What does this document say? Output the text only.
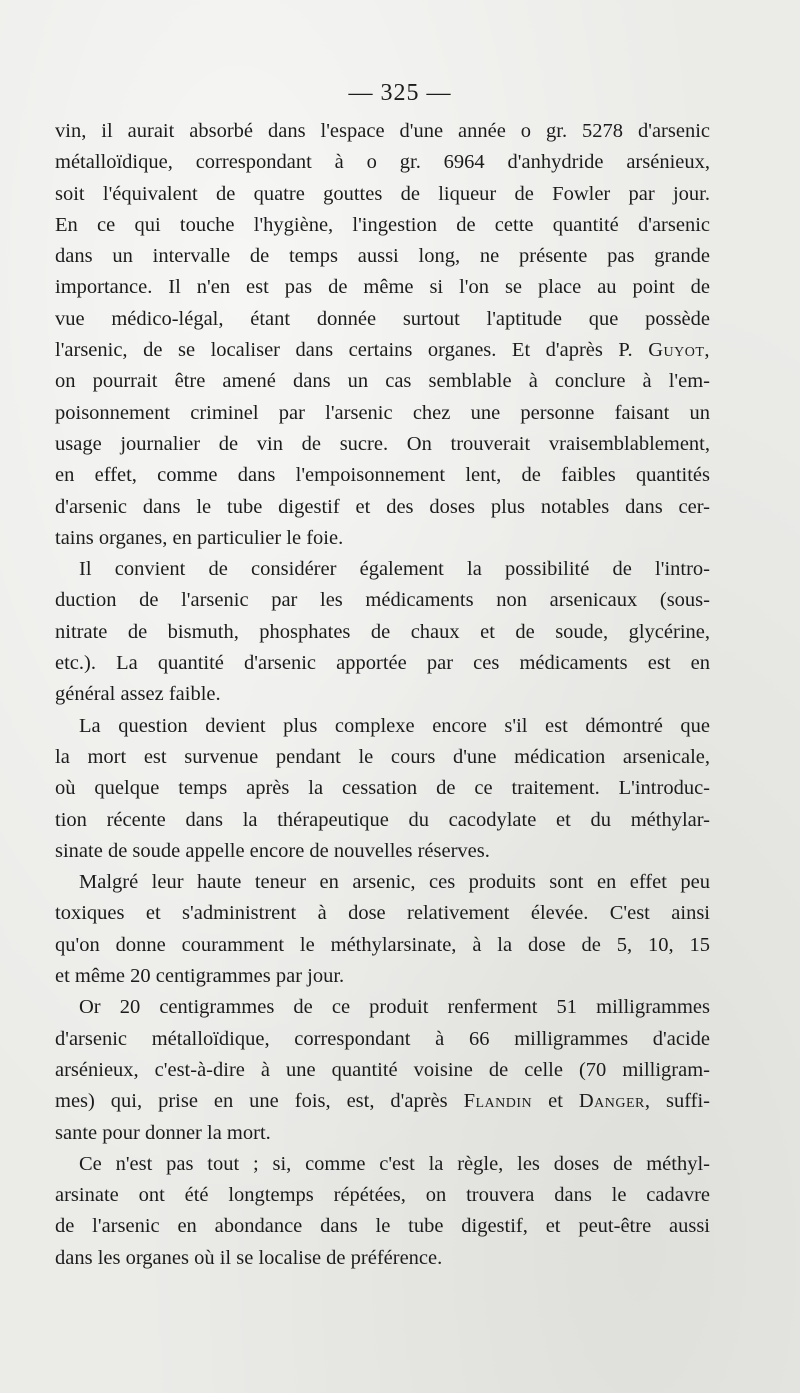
— 325 —
vin, il aurait absorbé dans l'espace d'une année o gr. 5278 d'arsenic
métalloïdique, correspondant à o gr. 6964 d'anhydride arsénieux,
soit l'équivalent de quatre gouttes de liqueur de Fowler par jour.
En ce qui touche l'hygiène, l'ingestion de cette quantité d'arsenic
dans un intervalle de temps aussi long, ne présente pas grande
importance. Il n'en est pas de même si l'on se place au point de
vue médico-légal, étant donnée surtout l'aptitude que possède
l'arsenic, de se localiser dans certains organes. Et d'après P. Guyot,
on pourrait être amené dans un cas semblable à conclure à l'em-
poisonnement criminel par l'arsenic chez une personne faisant un
usage journalier de vin de sucre. On trouverait vraisemblablement,
en effet, comme dans l'empoisonnement lent, de faibles quantités
d'arsenic dans le tube digestif et des doses plus notables dans cer-
tains organes, en particulier le foie.
Il convient de considérer également la possibilité de l'intro-
duction de l'arsenic par les médicaments non arsenicaux (sous-
nitrate de bismuth, phosphates de chaux et de soude, glycérine,
etc.). La quantité d'arsenic apportée par ces médicaments est en
général assez faible.
La question devient plus complexe encore s'il est démontré que
la mort est survenue pendant le cours d'une médication arsenicale,
où quelque temps après la cessation de ce traitement. L'introduc-
tion récente dans la thérapeutique du cacodylate et du méthylar-
sinate de soude appelle encore de nouvelles réserves.
Malgré leur haute teneur en arsenic, ces produits sont en effet peu
toxiques et s'administrent à dose relativement élevée. C'est ainsi
qu'on donne couramment le méthylarsinate, à la dose de 5, 10, 15
et même 20 centigrammes par jour.
Or 20 centigrammes de ce produit renferment 51 milligrammes
d'arsenic métalloïdique, correspondant à 66 milligrammes d'acide
arsénieux, c'est-à-dire à une quantité voisine de celle (70 milligram-
mes) qui, prise en une fois, est, d'après Flandin et Danger, suffi-
sante pour donner la mort.
Ce n'est pas tout ; si, comme c'est la règle, les doses de méthyl-
arsinate ont été longtemps répétées, on trouvera dans le cadavre
de l'arsenic en abondance dans le tube digestif, et peut-être aussi
dans les organes où il se localise de préférence.
